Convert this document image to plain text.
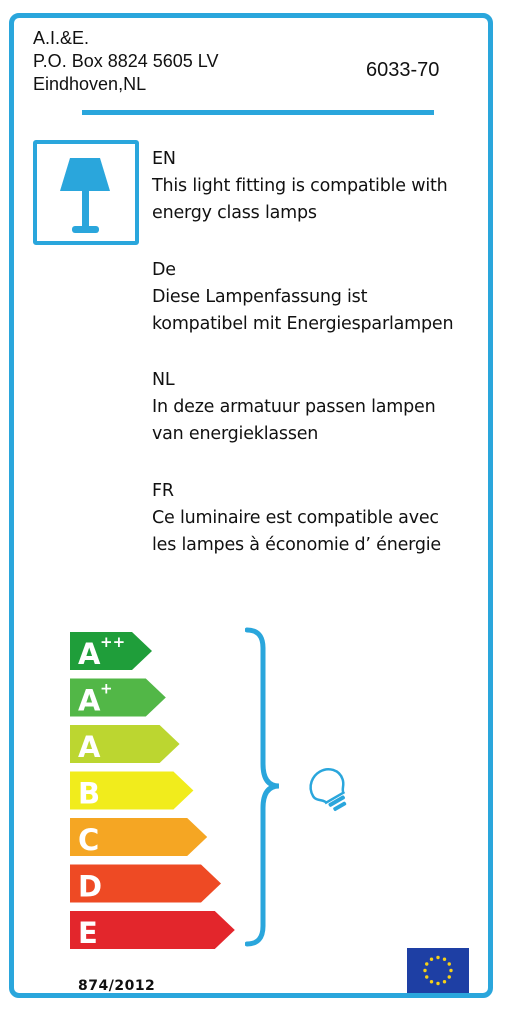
A.I.&E.
P.O. Box 8824 5605 LV
Eindhoven,NL
6033-70
EN
This light fitting is compatible with
energy class lamps
De
Diese Lampenfassung ist
kompatibel mit Energiesparlampen
NL
In deze armatuur passen lampen
van energieklassen
FR
Ce luminaire est compatible avec
les lampes à économie d’ énergie
A ++
A +
A
B
C
D
E
874/2012
